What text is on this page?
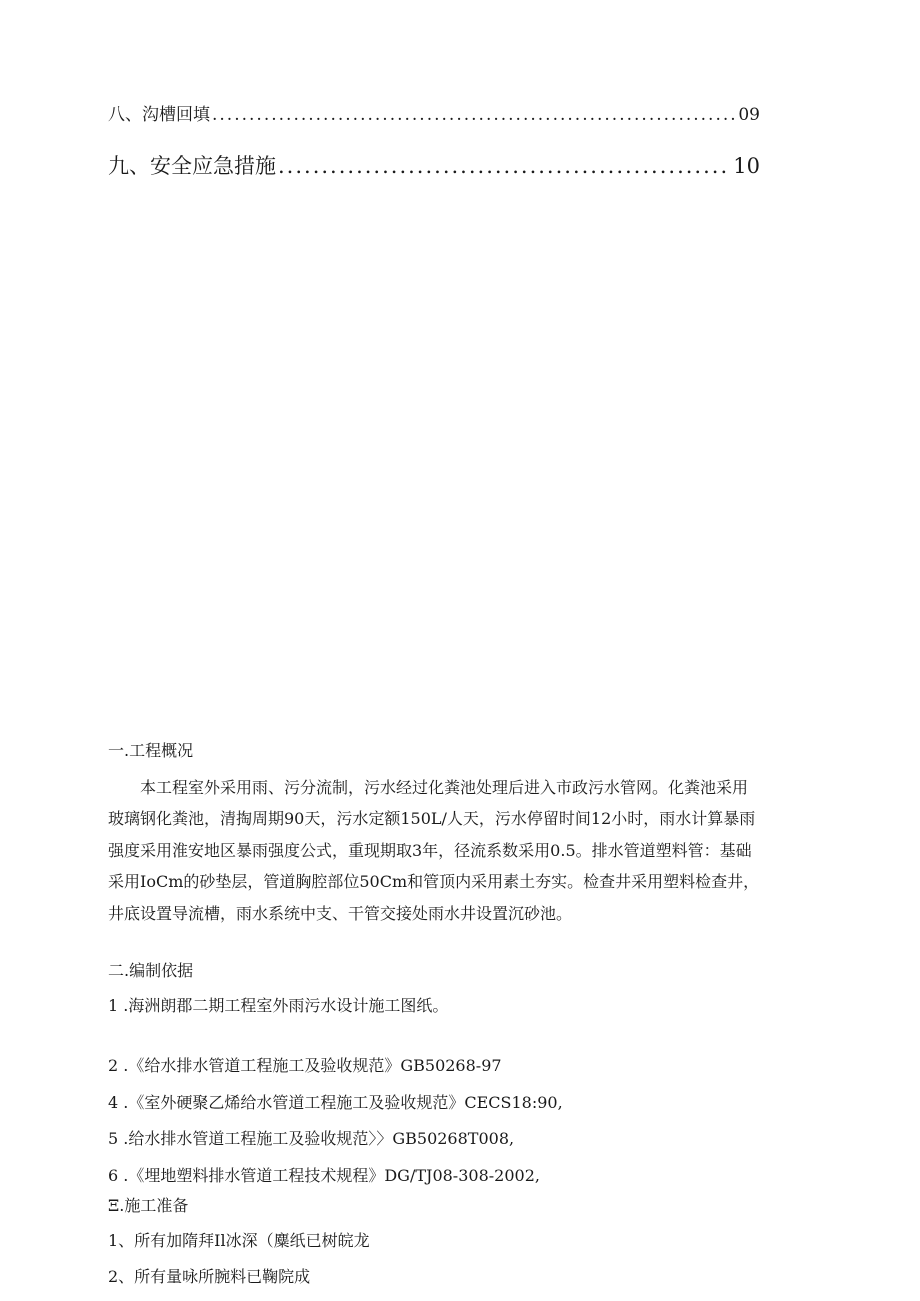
八、沟槽回填 .....	09
九、安全应急措施 .....	10
一.工程概况
本工程室外采用雨、污分流制，污水经过化粪池处理后进入市政污水管网。化粪池采用
玻璃钢化粪池，清掏周期90天，污水定额150L/人天，污水停留时间12小时，雨水计算暴雨
强度采用淮安地区暴雨强度公式，重现期取3年，径流系数采用0.5。排水管道塑料管：基础
采用IoCm的砂垫层，管道胸腔部位50Cm和管顶内采用素土夯实。检查井采用塑料检查井，
井底设置导流槽，雨水系统中支、干管交接处雨水井设置沉砂池。
二.编制依据
1 .海洲朗郡二期工程室外雨污水设计施工图纸。
2 .《给水排水管道工程施工及验收规范》GB50268-97
4 .《室外硬聚乙烯给水管道工程施工及验收规范》CECS18:90,
5 .给水排水管道工程施工及验收规范〉〉GB50268T008,
6 .《埋地塑料排水管道工程技术规程》DG/TJ08-308-2002,
Ξ.施工准备
1、所有加隋拜Il冰深（麋纸已树皖龙
2、所有量咏所腕料已鞠院成
